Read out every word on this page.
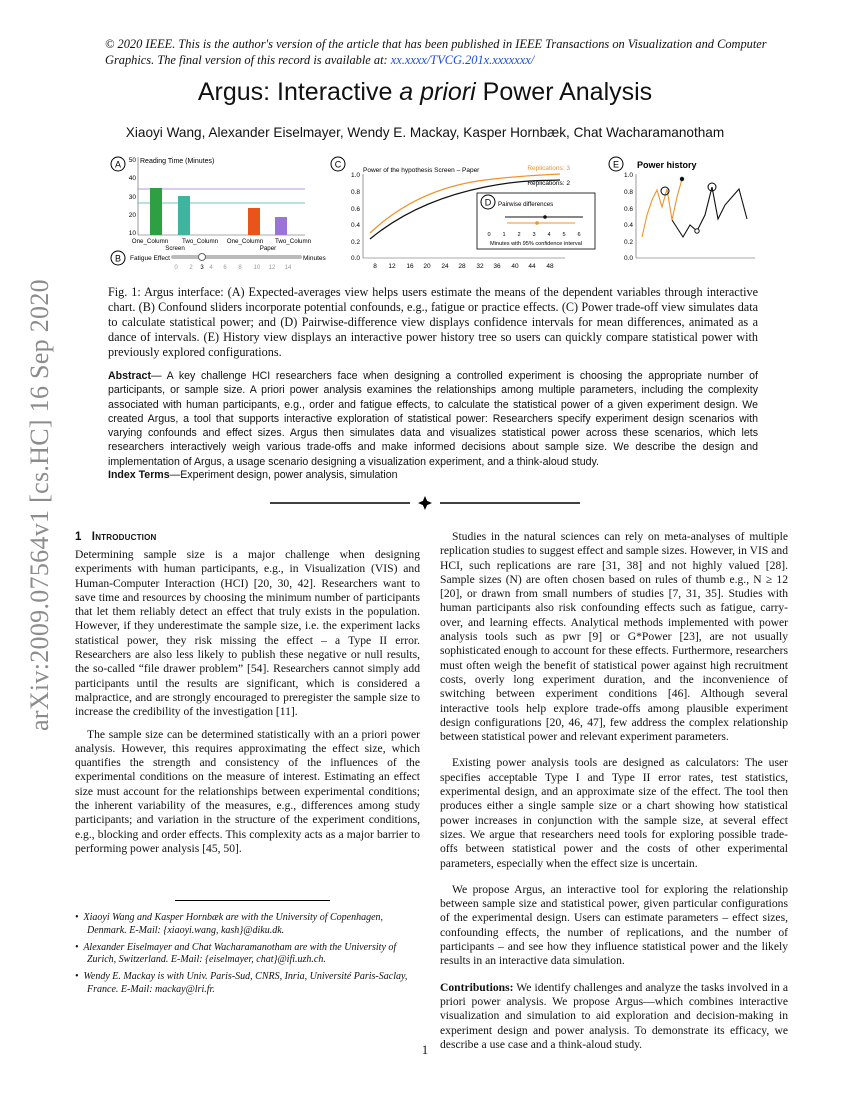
© 2020 IEEE. This is the author's version of the article that has been published in IEEE Transactions on Visualization and Computer Graphics. The final version of this record is available at: xx.xxxx/TVCG.201x.xxxxxxx/
Argus: Interactive a priori Power Analysis
Xiaoyi Wang, Alexander Eiselmayer, Wendy E. Mackay, Kasper Hornbæk, Chat Wacharamanotham
arXiv:2009.07564v1 [cs.HC] 16 Sep 2020
A	Reading Time (Minutes)
50
40
30
20
10
One_Column Two_Column One_Column Two_Column
Screen	Paper
B Fatigue Effect
0 2 3 4 6 8 10 12 14
Minutes
C
Power of the hypothesis Screen – Paper
1.0
0.8
0.6
0.4
0.2
0.0
Replications: 3
Replications: 2
8 12 16 20 24 28 32 36 40 44 48
D Pairwise differences
0 1 2 3 4 5 6
Minutes with 95% confidence interval
E Power history
1.0
0.8
0.6
0.4
0.2
0.0
Fig. 1: Argus interface: (A) Expected-averages view helps users estimate the means of the dependent variables through interactive chart. (B) Confound sliders incorporate potential confounds, e.g., fatigue or practice effects. (C) Power trade-off view simulates data to calculate statistical power; and (D) Pairwise-difference view displays confidence intervals for mean differences, animated as a dance of intervals. (E) History view displays an interactive power history tree so users can quickly compare statistical power with previously explored configurations.
Abstract— A key challenge HCI researchers face when designing a controlled experiment is choosing the appropriate number of participants, or sample size. A priori power analysis examines the relationships among multiple parameters, including the complexity associated with human participants, e.g., order and fatigue effects, to calculate the statistical power of a given experiment design. We created Argus, a tool that supports interactive exploration of statistical power: Researchers specify experiment design scenarios with varying confounds and effect sizes. Argus then simulates data and visualizes statistical power across these scenarios, which lets researchers interactively weigh various trade-offs and make informed decisions about sample size. We describe the design and implementation of Argus, a usage scenario designing a visualization experiment, and a think-aloud study.
Index Terms—Experiment design, power analysis, simulation
1 Introduction

Determining sample size is a major challenge when designing experiments with human participants, e.g., in Visualization (VIS) and Human-Computer Interaction (HCI) [20, 30, 42]. Researchers want to save time and resources by choosing the minimum number of participants that let them reliably detect an effect that truly exists in the population. However, if they underestimate the sample size, i.e. the experiment lacks statistical power, they risk missing the effect – a Type II error. Researchers are also less likely to publish these negative or null results, the so-called “file drawer problem” [54]. Researchers cannot simply add participants until the results are significant, which is considered a malpractice, and are strongly encouraged to preregister the sample size to increase the credibility of the investigation [11].

The sample size can be determined statistically with an a priori power analysis. However, this requires approximating the effect size, which quantifies the strength and consistency of the influences of the experimental conditions on the measure of interest. Estimating an effect size must account for the relationships between experimental conditions; the inherent variability of the measures, e.g., differences among study participants; and variation in the structure of the experiment conditions, e.g., blocking and order effects. This complexity acts as a major barrier to performing power analysis [45, 50].

Studies in the natural sciences can rely on meta-analyses of multiple replication studies to suggest effect and sample sizes. However, in VIS and HCI, such replications are rare [31, 38] and not highly valued [28]. Sample sizes (N) are often chosen based on rules of thumb e.g., N ≥ 12 [20], or drawn from small numbers of studies [7, 31, 35]. Studies with human participants also risk confounding effects such as fatigue, carry-over, and learning effects. Analytical methods implemented with power analysis tools such as pwr [9] or G*Power [23], are not usually sophisticated enough to account for these effects. Furthermore, researchers must often weigh the benefit of statistical power against high recruitment costs, overly long experiment duration, and the inconvenience of switching between experiment conditions [46]. Although several interactive tools help explore trade-offs among plausible experiment design configurations [20, 46, 47], few address the complex relationship between statistical power and relevant experiment parameters.

Existing power analysis tools are designed as calculators: The user specifies acceptable Type I and Type II error rates, test statistics, experimental design, and an approximate size of the effect. The tool then produces either a single sample size or a chart showing how statistical power increases in conjunction with the sample size, at several effect sizes. We argue that researchers need tools for exploring possible trade-offs between statistical power and the costs of other experimental parameters, especially when the effect size is uncertain.

We propose Argus, an interactive tool for exploring the relationship between sample size and statistical power, given particular configurations of the experimental design. Users can estimate parameters – effect sizes, confounding effects, the number of replications, and the number of participants – and see how they influence statistical power and the likely results in an interactive data simulation.

Contributions: We identify challenges and analyze the tasks involved in a priori power analysis. We propose Argus—which combines interactive visualization and simulation to aid exploration and decision-making in experiment design and power analysis. To demonstrate its efficacy, we describe a use case and a think-aloud study.

•  Xiaoyi Wang and Kasper Hornbæk are with the University of Copenhagen, Denmark. E-Mail: {xiaoyi.wang, kash}@diku.dk.
•  Alexander Eiselmayer and Chat Wacharamanotham are with the University of Zurich, Switzerland. E-Mail: {eiselmayer, chat}@ifi.uzh.ch.
•  Wendy E. Mackay is with Univ. Paris-Sud, CNRS, Inria, Université Paris-Saclay, France. E-Mail: mackay@lri.fr.
1
